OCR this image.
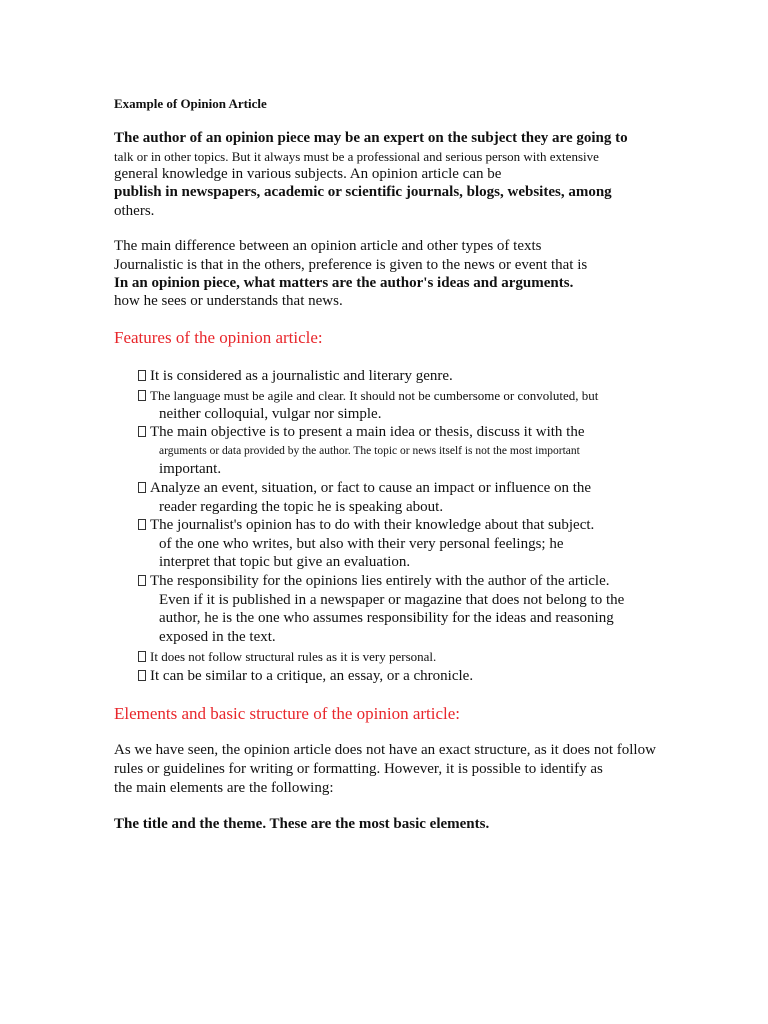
Example of Opinion Article
The author of an opinion piece may be an expert on the subject they are going to
talk or in other topics. But it always must be a professional and serious person with extensive
general knowledge in various subjects. An opinion article can be
publish in newspapers, academic or scientific journals, blogs, websites, among
others.
The main difference between an opinion article and other types of texts
Journalistic is that in the others, preference is given to the news or event that is
In an opinion piece, what matters are the author's ideas and arguments.
how he sees or understands that news.
Features of the opinion article:
It is considered as a journalistic and literary genre.
The language must be agile and clear. It should not be cumbersome or convoluted, but
neither colloquial, vulgar nor simple.
The main objective is to present a main idea or thesis, discuss it with the
arguments or data provided by the author. The topic or news itself is not the most important
important.
Analyze an event, situation, or fact to cause an impact or influence on the
reader regarding the topic he is speaking about.
The journalist's opinion has to do with their knowledge about that subject.
of the one who writes, but also with their very personal feelings; he
interpret that topic but give an evaluation.
The responsibility for the opinions lies entirely with the author of the article.
Even if it is published in a newspaper or magazine that does not belong to the
author, he is the one who assumes responsibility for the ideas and reasoning
exposed in the text.
It does not follow structural rules as it is very personal.
It can be similar to a critique, an essay, or a chronicle.
Elements and basic structure of the opinion article:
As we have seen, the opinion article does not have an exact structure, as it does not follow
rules or guidelines for writing or formatting. However, it is possible to identify as
the main elements are the following:
The title and the theme. These are the most basic elements.
